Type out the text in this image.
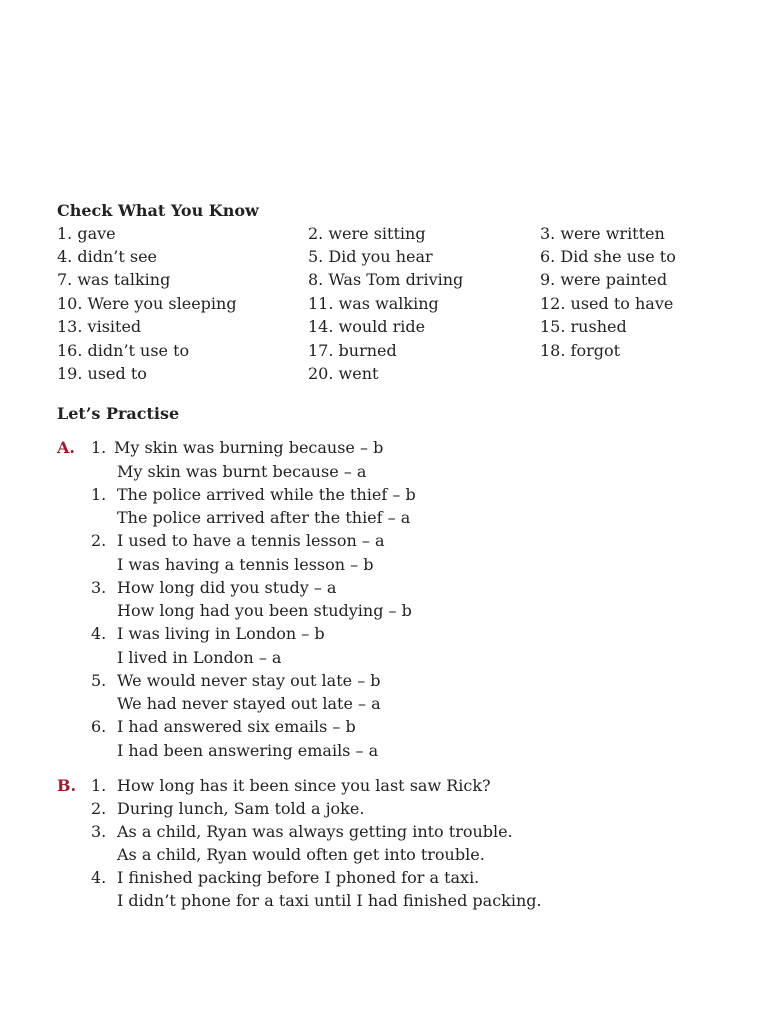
Check What You Know
1. gave	2. were sitting	3. were written
4. didn’t see	5. Did you hear	6. Did she use to
7. was talking	8. Was Tom driving	9. were painted
10. Were you sleeping	11. was walking	12. used to have
13. visited	14. would ride	15. rushed
16. didn’t use to	17. burned	18. forgot
19. used to	20. went
Let’s Practise
A. 1. My skin was burning because – b
My skin was burnt because – a
1. The police arrived while the thief – b
The police arrived after the thief – a
2. I used to have a tennis lesson – a
I was having a tennis lesson – b
3. How long did you study – a
How long had you been studying – b
4. I was living in London – b
I lived in London – a
5. We would never stay out late – b
We had never stayed out late – a
6. I had answered six emails – b
I had been answering emails – a
B. 1. How long has it been since you last saw Rick?
2. During lunch, Sam told a joke.
3. As a child, Ryan was always getting into trouble.
As a child, Ryan would often get into trouble.
4. I finished packing before I phoned for a taxi.
I didn’t phone for a taxi until I had finished packing.
